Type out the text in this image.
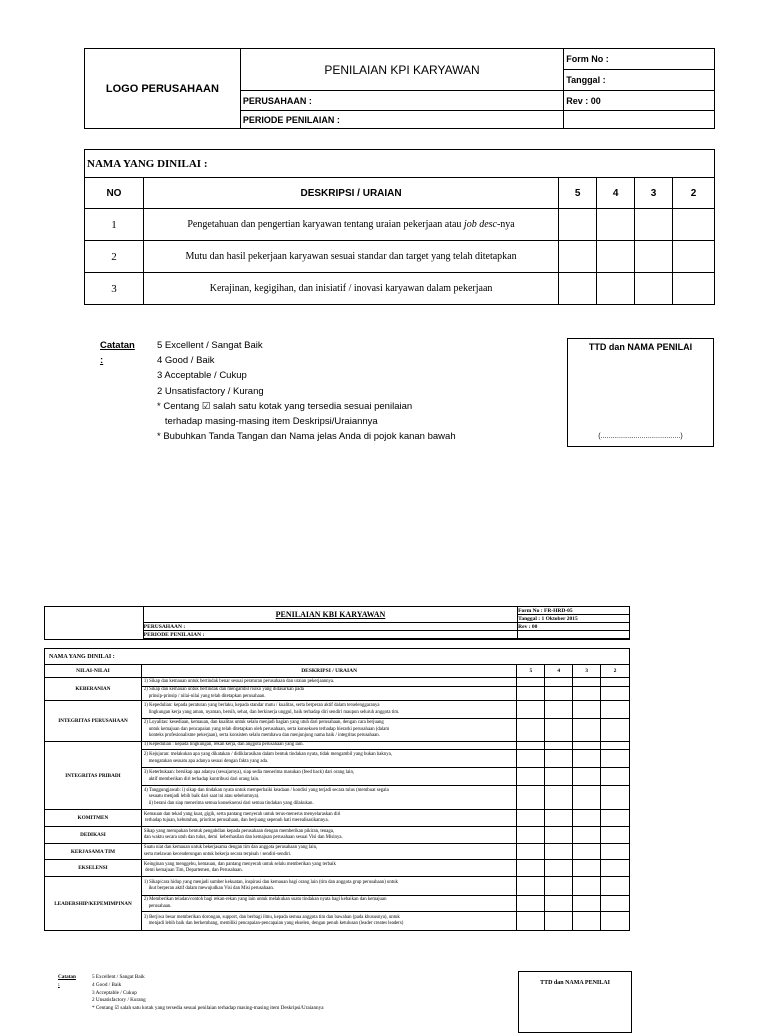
LOGO PERUSAHAAN	PENILAIAN KPI KARYAWAN	Form No :
		Tanggal :
	PERUSAHAAN :	Rev : 00
	PERIODE PENILAIAN :	
NAMA YANG DINILAI :					
NO	DESKRIPSI / URAIAN	5	4	3	2
1	Pengetahuan dan pengertian karyawan tentang uraian pekerjaan atau job desc-nya				
2	Mutu dan hasil pekerjaan karyawan sesuai standar dan target yang telah ditetapkan				
3	Kerajinan, kegigihan, dan inisiatif / inovasi karyawan dalam pekerjaan				
Catatan :
5 Excellent / Sangat Baik
4 Good / Baik
3 Acceptable / Cukup
2 Unsatisfactory / Kurang
* Centang ☑ salah satu kotak yang tersedia sesuai penilaian
terhadap masing-masing item Deskripsi/Uraiannya
* Bubuhkan Tanda Tangan dan Nama jelas Anda di pojok kanan bawah
TTD dan NAMA PENILAI
(.........................................)
	PENILAIAN KBI KARYAWAN	Form No : FR-HRD-05
		Tanggal : 1 Oktober 2015
	PERUSAHAAN :	Rev : 00
	PERIODE PENILAIAN :	

NAMA YANG DINILAI :					
NILAI-NILAI	DESKRIPSI / URAIAN	5	4	3	2
KEBERANIAN	1) Sikap dan kemauan untuk bertindak benar sesuai peraturan perusahaan dan uraian pekerjaannya.				
	2) Sikap dan kemauan untuk bertindak dan mengambil risiko yang didasarkan pada
prinsip-prinsip / nilai-nilai yang telah ditetapkan perusahaan.				
INTEGRITAS PERUSAHAAN	1) Kepedulian: kepada peraturan yang berlaku, kepada standar mutu / kualitas, serta berperan aktif dalam terselenggaranya
lingkungan kerja yang aman, nyaman, bersih, sehat, dan berkinerja unggul, baik terhadap diri sendiri maupun seluruh anggota tim.				
	2) Loyalitas: kesediaan, kemauan, dan kualitas untuk selalu menjadi bagian yang utuh dari perusahaan, dengan cara berjuang
untuk kemajuan dan pencapaian yang telah ditetapkan oleh perusahaan, serta konsekuen terhadap hierarki perusahaan (dalam
konteks profesionalisme pekerjaan), serta konsisten selalu membawa dan menjunjung nama baik / integritas perusahaan.				
INTEGRITAS PRIBADI	1) Kepedulian : kepada lingkungan, rekan kerja, dan anggota perusahaan yang lain.				
	2) Kejujuran: melakukan apa yang dikatakan / didiklarasikan dalam bentuk tindakan nyata, tidak mengambil yang bukan haknya,
mengatakan sesuatu apa adanya sesuai dengan fakta yang ada.				
	3) Keterbukaan: bersikap apa adanya (sewajarnya), siap sedia menerima masukan (feed back) dari orang lain,
aktif memberikan diri terhadap kontribusi dari orang lain.				
	4) Tanggungjawab: i) sikap dan tindakan nyata untuk memperbaiki keadaan / kondisi yang terjadi secara tulus (membuat segala
sesuatu menjadi lebih baik dari saat ini atau sebelumnya).
ii) berani dan siap menerima semua konsekuensi dari semua tindakan yang dilakukan.				
KOMITMEN	Kemauan dan tekad yang kuat, gigih, serta pantang menyerah untuk terus-menerus menyelaraskan diri
terhadap tujuan, kebutuhan, prioritas perusahaan, dan berjuang sepenuh hati merealisasikannya.				
DEDIKASI	Sikap yang merupakan bentuk pengabdian kepada perusahaan dengan memberikan pikiran, tenaga,
dan waktu secara utuh dan tulus, demi  keberhasilan dan kemajuan perusahaan sesuai Visi dan Misinya.				
KERJASAMA TIM	Suatu niat dan kemauan untuk bekerjasama dengan tim dan anggota perusahaan yang lain,
serta melawan kecenderungan untuk bekerja secara terpisah / sendiri-sendiri.				
EKSELENSI	Keinginan yang menggebu, kemauan, dan pantang menyerah untuk selalu memberikan yang terbaik
demi kemajuan Tim, Departemen, dan Perusahaan.				
LEADERSHIP/KEPEMIMPINAN	1) Sikap/cara hidup yang menjadi sumber kekuatan, inspirasi dan kemauan bagi orang lain (tim dan anggota grup perusahaan) untuk
ikut berperan aktif dalam mewujudkan Visi dan Misi perusahaan.				
	2) Memberikan teladan/contoh bagi rekan-rekan yang lain untuk melakukan suatu tindakan nyata bagi kebaikan dan kemajuan
perusahaan.				
	3) Berjiwa besar memberikan dorongan, support, dan berbagi ilmu, kepada semua anggota tim dan bawahan (pada khususnya), untuk
menjadi lebih baik dan berkembang, memiliki pencapaian-pencapaian yang ekselen, dengan penuh ketulusan (leader creates leaders)				
Catatan :
5 Excellent / Sangat Baik
4 Good / Baik
3 Acceptable / Cukup
2 Unsatisfactory / Kurang
* Centang ☑ salah satu kotak yang tersedia sesuai penilaian terhadap masing-masing item Deskripsi/Uraiannya
TTD dan NAMA PENILAI
